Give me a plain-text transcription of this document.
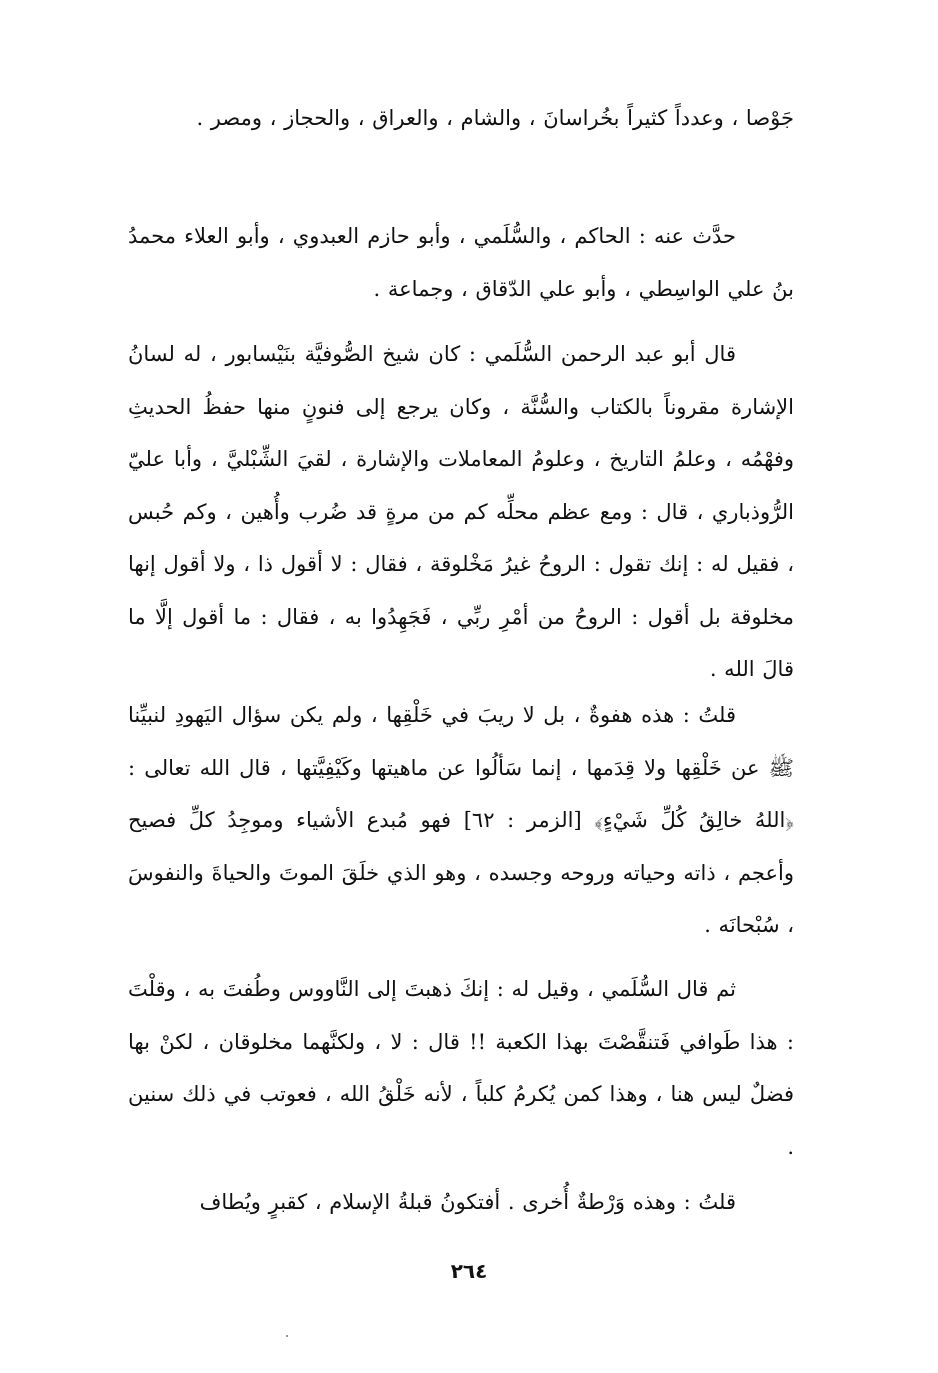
جَوْصا ، وعدداً كثيراً بخُراسانَ ، والشام ، والعراق ، والحجاز ، ومصر .

حدَّث عنه : الحاكم ، والسُّلَمي ، وأبو حازم العبدوي ، وأبو العلاء محمدُ بنُ علي الواسِطي ، وأبو علي الدّقاق ، وجماعة .

قال أبو عبد الرحمن السُّلَمي : كان شيخ الصُّوفيَّة بنَيْسابور ، له لسانُ الإشارة مقروناً بالكتاب والسُّنَّة ، وكان يرجع إلى فنونٍ منها حفظُ الحديثِ وفهْمُه ، وعلمُ التاريخ ، وعلومُ المعاملات والإشارة ، لقيَ الشِّبْليَّ ، وأبا عليّ الرُّوذباري ، قال : ومع عظم محلِّه كم من مرةٍ قد ضُرب وأُهين ، وكم حُبس ، فقيل له : إنك تقول : الروحُ غيرُ مَخْلوقة ، فقال : لا أقول ذا ، ولا أقول إنها مخلوقة بل أقول : الروحُ من أمْرِ ربِّي ، فَجَهِدُوا به ، فقال : ما أقول إلَّا ما قالَ الله .

قلتُ : هذه هفوةٌ ، بل لا ريبَ في خَلْقِها ، ولم يكن سؤال اليَهودِ لنبيِّنا ﷺ عن خَلْقِها ولا قِدَمها ، إنما سَألُوا عن ماهيتها وكَيْفِيَّتها ، قال الله تعالى : ﴿اللهُ خالِقُ كُلِّ شَيْءٍ﴾ [الزمر : ٦٢] فهو مُبدع الأشياء وموجِدُ كلِّ فصيح وأعجم ، ذاته وحياته وروحه وجسده ، وهو الذي خلَقَ الموتَ والحياةَ والنفوسَ ، سُبْحانَه .

ثم قال السُّلَمي ، وقيل له : إنكَ ذهبتَ إلى النَّاووس وطُفتَ به ، وقلْتَ : هذا طَوافي فَتنقَّصْتَ بهذا الكعبة !! قال : لا ، ولكنَّهما مخلوقان ، لكنْ بها فضلٌ ليس هنا ، وهذا كمن يُكرمُ كلباً ، لأنه خَلْقُ الله ، فعوتب في ذلك سنين .

قلتُ : وهذه وَرْطةٌ أُخرى . أفتكونُ قبلةُ الإسلام ، كقبرٍ ويُطاف

٢٦٤
